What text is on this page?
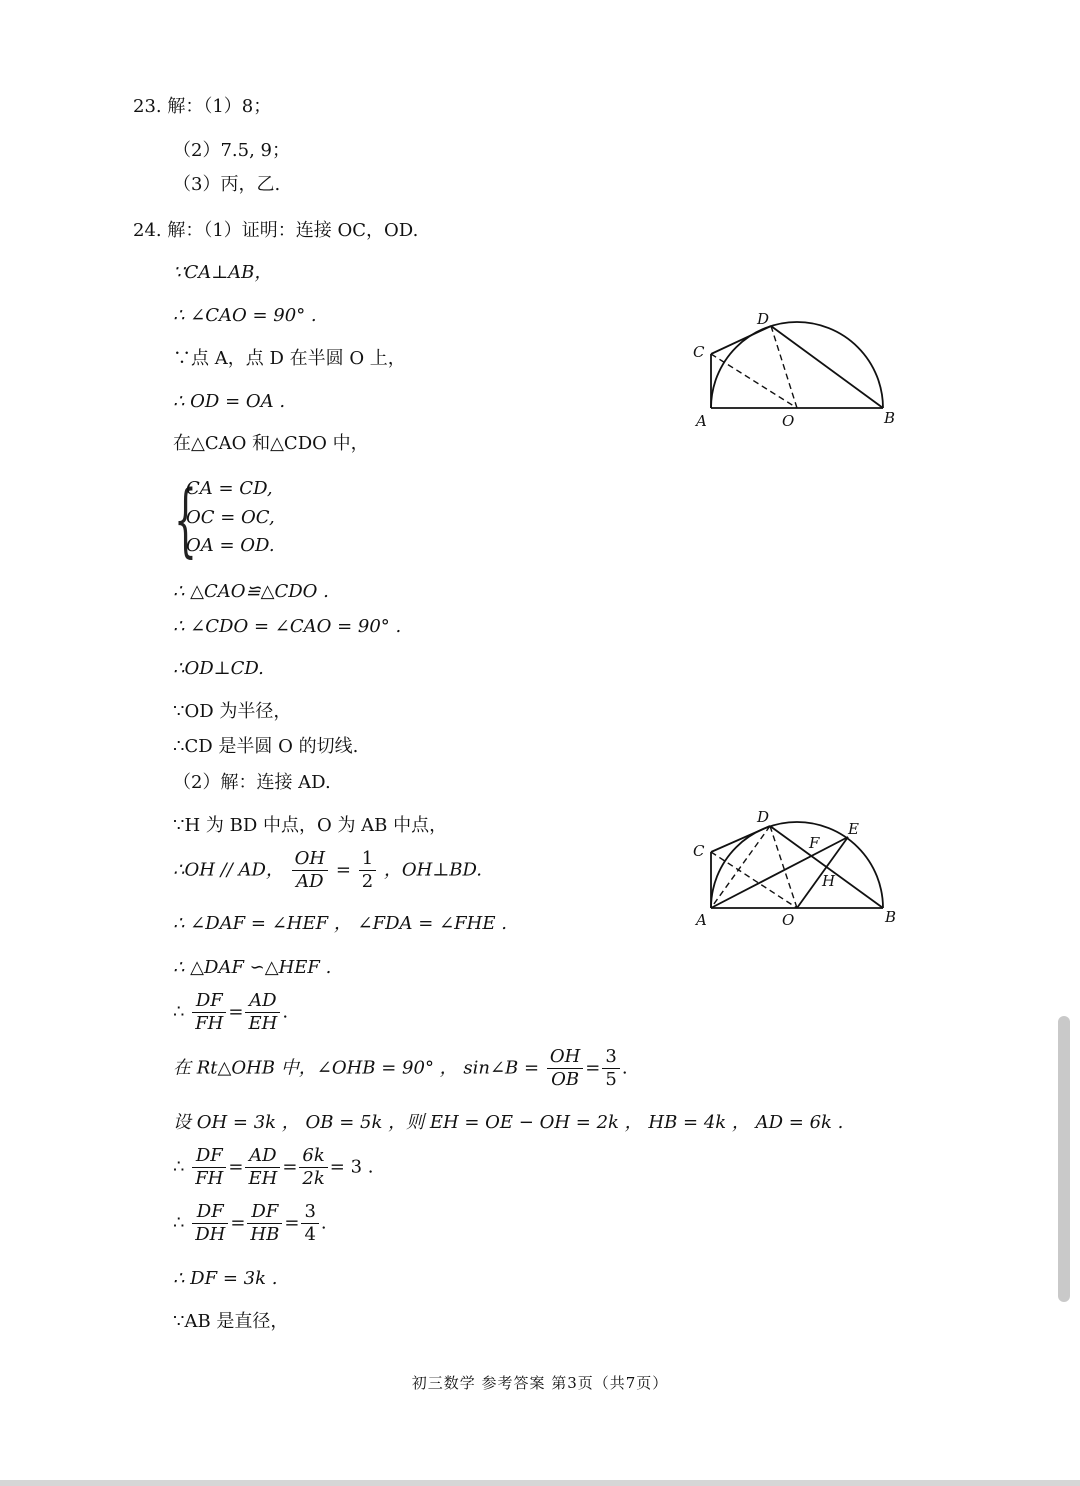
23. 解：（1）8；
（2）7.5, 9；
（3）丙，乙.
24. 解：（1）证明：连接 OC，OD.
∵CA⊥AB，
∴ ∠CAO = 90° .
∵点 A，点 D 在半圆 O 上，
∴ OD = OA .
在△CAO 和△CDO 中，
{
CA = CD,
OC = OC,
OA = OD.
∴ △CAO≌△CDO .
∴ ∠CDO = ∠CAO = 90° .
∴OD⊥CD.
∵OD 为半径，
∴CD 是半圆 O 的切线.
（2）解：连接 AD.
∵H 为 BD 中点，O 为 AB 中点，
∴OH // AD， $\frac{OH}{AD} = \frac{1}{2}$ ，OH⊥BD.
∴ ∠DAF = ∠HEF ， ∠FDA = ∠FHE .
∴ △DAF ∽△HEF .
∴ $\frac{DF}{FH} = \frac{AD}{EH}$ .
在 Rt△OHB 中，∠OHB = 90° ， sin∠B = $\frac{OH}{OB} = \frac{3}{5}$ .
设 OH = 3k ， OB = 5k ，则 EH = OE − OH = 2k ， HB = 4k ， AD = 6k .
∴ $\frac{DF}{FH} = \frac{AD}{EH} = \frac{6k}{2k} = 3$ .
∴ $\frac{DF}{DH} = \frac{DF}{HB} = \frac{3}{4}$ .
∴ DF = 3k .
∵AB 是直径，
D
C
A	O	B
D
E
C	F
H
A	O	B
初三数学 参考答案 第3页（共7页）
